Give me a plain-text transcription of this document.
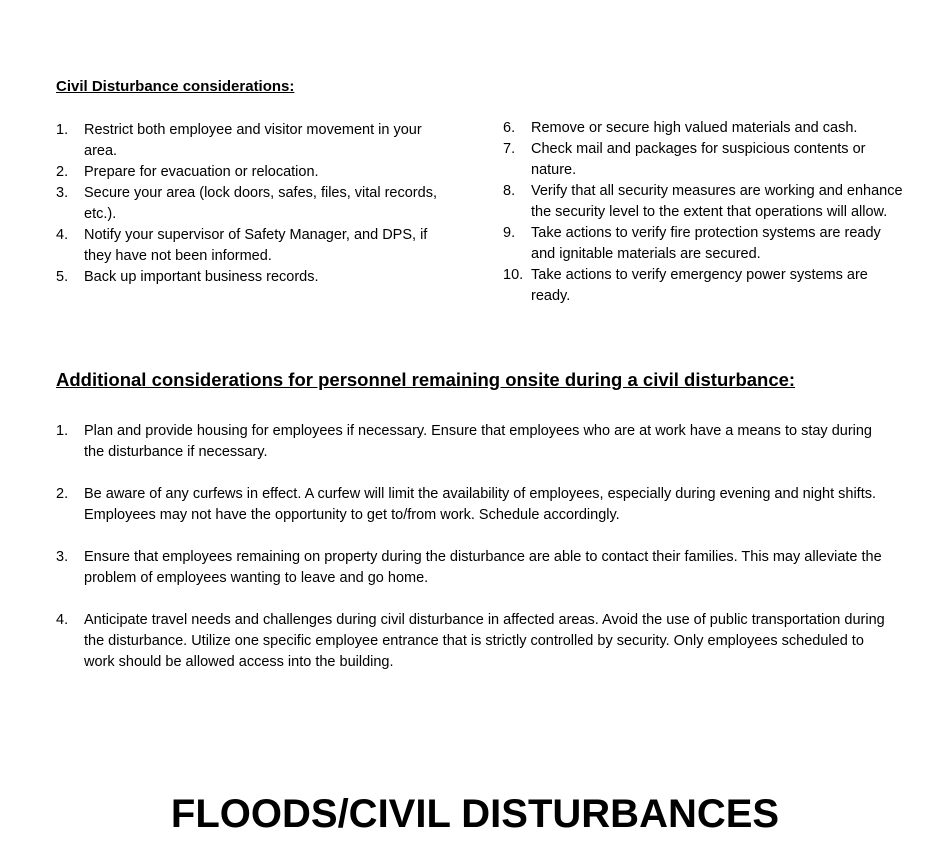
Civil Disturbance considerations:
1. Restrict both employee and visitor movement in your area.
2. Prepare for evacuation or relocation.
3. Secure your area (lock doors, safes, files, vital records, etc.).
4. Notify your supervisor of Safety Manager, and DPS, if they have not been informed.
5. Back up important business records.
6. Remove or secure high valued materials and cash.
7. Check mail and packages for suspicious contents or nature.
8. Verify that all security measures are working and enhance the security level to the extent that operations will allow.
9. Take actions to verify fire protection systems are ready and ignitable materials are secured.
10. Take actions to verify emergency power systems are ready.
Additional considerations for personnel remaining onsite during a civil disturbance:
1. Plan and provide housing for employees if necessary. Ensure that employees who are at work have a means to stay during the disturbance if necessary.
2. Be aware of any curfews in effect. A curfew will limit the availability of employees, especially during evening and night shifts. Employees may not have the opportunity to get to/from work. Schedule accordingly.
3. Ensure that employees remaining on property during the disturbance are able to contact their families. This may alleviate the problem of employees wanting to leave and go home.
4. Anticipate travel needs and challenges during civil disturbance in affected areas. Avoid the use of public transportation during the disturbance. Utilize one specific employee entrance that is strictly controlled by security. Only employees scheduled to work should be allowed access into the building.
FLOODS/CIVIL DISTURBANCES
